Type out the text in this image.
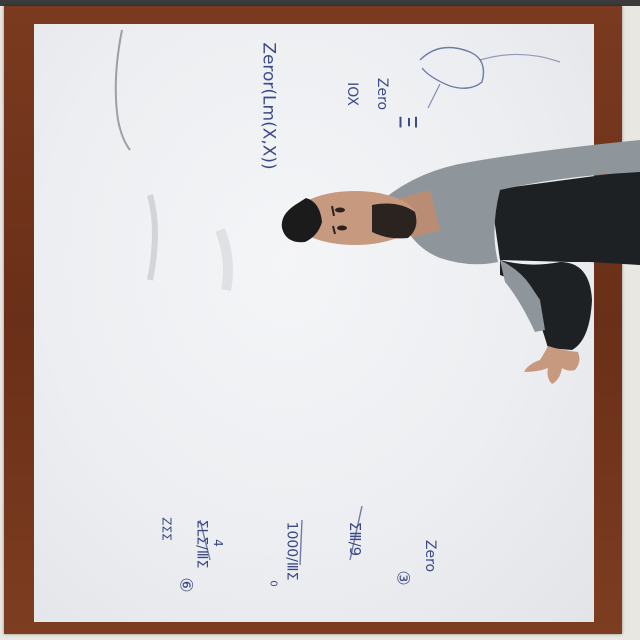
Zeror(Lm(X,X))	Zero
IOX
Ξ
ΣⅢ/9	Zero
③
ΣLΣ/ⅢΣ 4
ZΣΣ
⑥
1000/ⅢΣ
0
